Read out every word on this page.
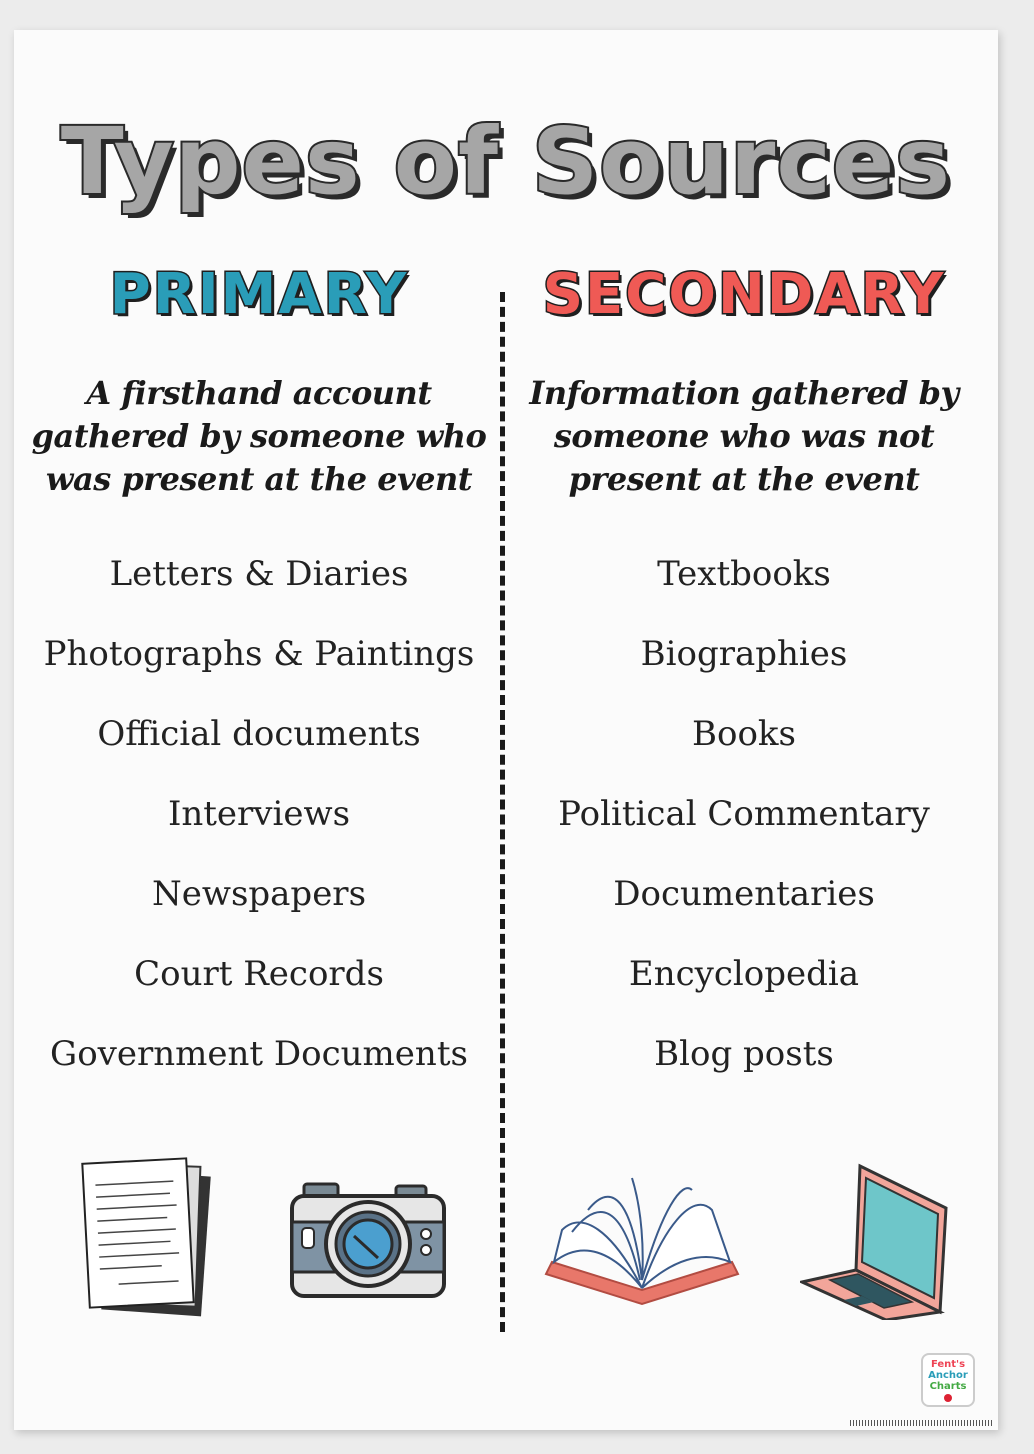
Types of Sources
PRIMARY
A firsthand account
gathered by someone who
was present at the event
Letters & Diaries
Photographs & Paintings
Official documents
Interviews
Newspapers
Court Records
Government Documents
SECONDARY
Information gathered by
someone who was not
present at the event
Textbooks
Biographies
Books
Political Commentary
Documentaries
Encyclopedia
Blog posts
Fent's
Anchor
Charts
